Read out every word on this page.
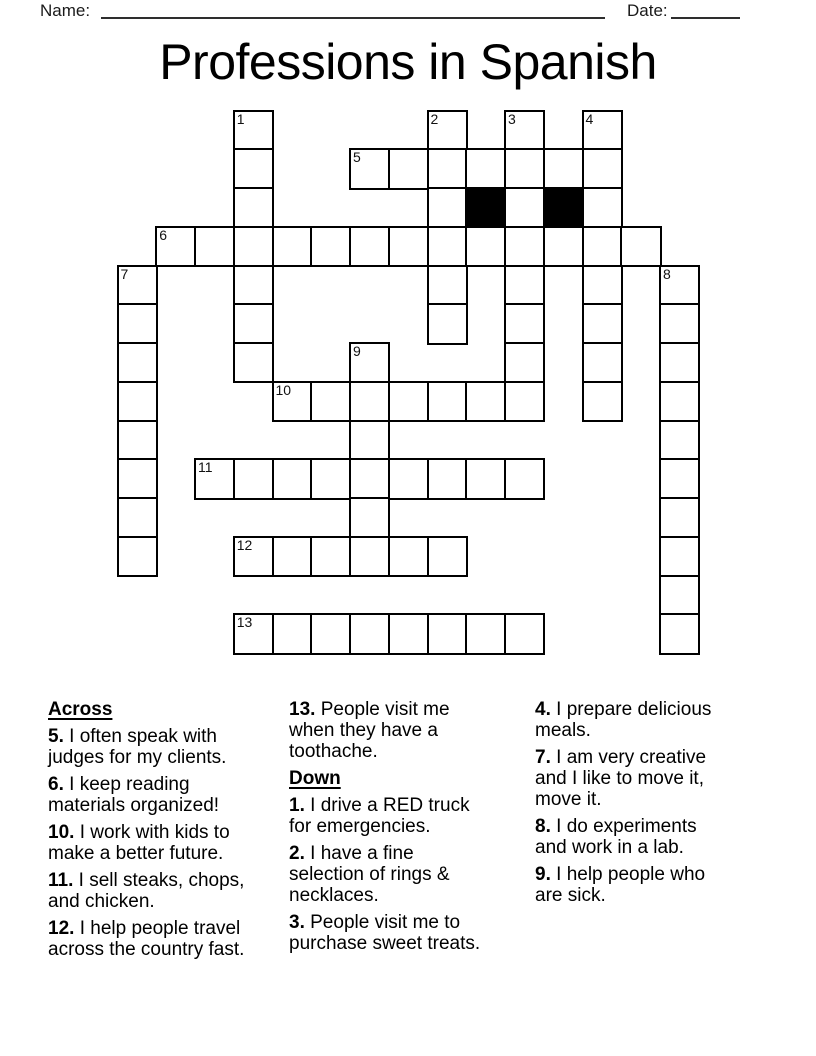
Name:	Date:
Professions in Spanish
1	2	3	4
5
6
7	8
9
10
11
12
13
Across
5. I often speak with
judges for my clients.
6. I keep reading
materials organized!
10. I work with kids to
make a better future.
11. I sell steaks, chops,
and chicken.
12. I help people travel
across the country fast.
13. People visit me
when they have a
toothache.
Down
1. I drive a RED truck
for emergencies.
2. I have a fine
selection of rings &
necklaces.
3. People visit me to
purchase sweet treats.
4. I prepare delicious
meals.
7. I am very creative
and I like to move it,
move it.
8. I do experiments
and work in a lab.
9. I help people who
are sick.
